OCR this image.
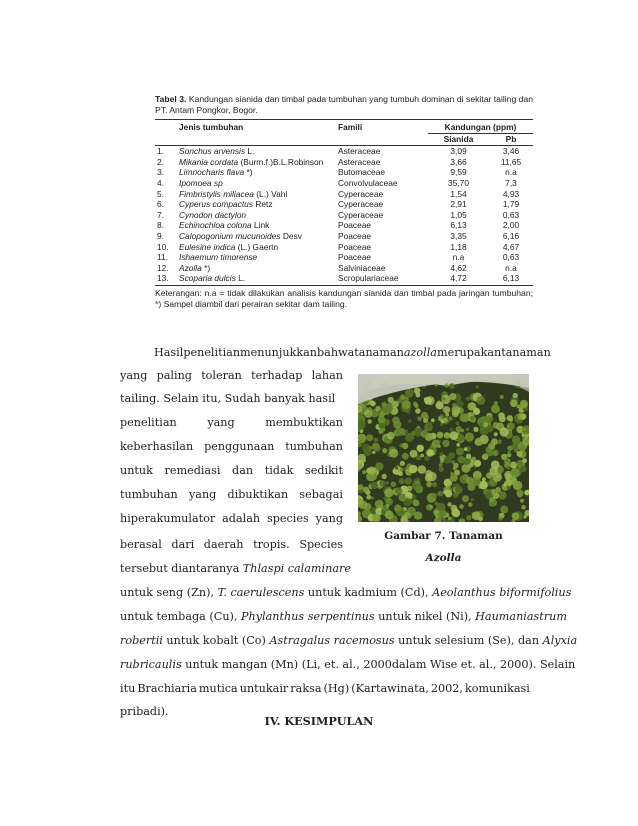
Tabel 3. Kandungan sianida dan timbal pada tumbuhan yang tumbuh dominan di sekitar tailing dan PT. Antam Pongkor, Bogor.
	Jenis tumbuhan	Famili	Kandungan (ppm)	
			Sianida	Pb
1.	Sonchus arvensis L.	Asteraceae	3,09	3,46
2.	Mikania cordata (Burm.f.)B.L.Robinson	Asteraceae	3,66	11,65
3.	Limnocharis flava *)	Butomaceae	9,59	n.a
4.	Ipomoea sp	Convolvulaceae	35,70	7,3
5.	Fimbristylis miliacea (L.) Vahl	Cyperaceae	1,54	4,93
6.	Cyperus compactus Retz	Cyperaceae	2,91	1,79
7.	Cynodon dactylon	Cyperaceae	1,05	0,63
8.	Echinochloa colona Link	Poaceae	6,13	2,00
9.	Calopogonium mucunoides Desv	Poaceae	3,35	6,16
10.	Eulesine indica (L.) Gaertn	Poaceae	1,18	4,67
11.	Ishaemum timorense	Poaceae	n.a	0,63
12.	Azolla *)	Salviniaceae	4,62	n.a
13.	Scoparia dulcis L.	Scropulariaceae	4,72	6,13
Keterangan: n.a = tidak dilakukan analisis kandungan sianida dan timbal pada jaringan tumbuhan; *) Sampel diambil dari perairan sekitar dam tailing.
Hasil penelitian menunjukkan bahwa tanaman azolla merupakan tanaman
yang paling toleran terhadap lahan
tailing. Selain itu, Sudah banyak hasil
penelitian	yang	membuktikan
keberhasilan penggunaan tumbuhan
untuk remediasi dan tidak sedikit
tumbuhan yang dibuktikan sebagai
hiperakumulator adalah species yang
berasal dari daerah tropis. Species
tersebut diantaranya Thlaspi calaminare
untuk seng (Zn), T. caerulescens untuk kadmium (Cd), Aeolanthus biformifolius
untuk tembaga (Cu), Phylanthus serpentinus untuk nikel (Ni), Haumaniastrum
robertii untuk kobalt (Co) Astragalus racemosus untuk selesium (Se), dan Alyxia
rubricaulis untuk mangan (Mn) (Li, et. al., 2000dalam Wise et. al., 2000). Selain
itu Brachiaria mutica untukair raksa (Hg) (Kartawinata, 2002, komunikasi
pribadi).
Gambar 7. Tanaman
Azolla
IV. KESIMPULAN
